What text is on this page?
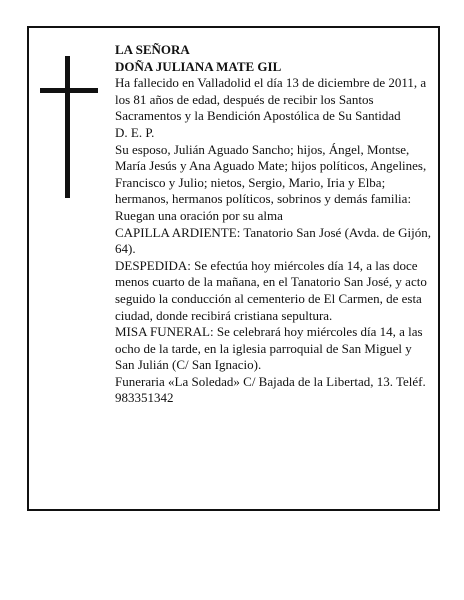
LA SEÑORA

DOÑA JULIANA MATE GIL

Ha fallecido en Valladolid el día 13 de diciembre de 2011, a los 81 años de edad, después de recibir los Santos Sacramentos y la Bendición Apostólica de Su Santidad

D. E. P.

Su esposo, Julián Aguado Sancho; hijos, Ángel, Montse, María Jesús y Ana Aguado Mate; hijos políticos, Angelines, Francisco y Julio; nietos, Sergio, Mario, Iria y Elba; hermanos, hermanos políticos, sobrinos y demás familia:

Ruegan una oración por su alma

CAPILLA ARDIENTE: Tanatorio San José (Avda. de Gijón, 64).

DESPEDIDA: Se efectúa hoy miércoles día 14, a las doce menos cuarto de la mañana, en el Tanatorio San José, y acto seguido la conducción al cementerio de El Carmen, de esta ciudad, donde recibirá cristiana sepultura.

MISA FUNERAL: Se celebrará hoy miércoles día 14, a las ocho de la tarde, en la iglesia parroquial de San Miguel y San Julián (C/ San Ignacio).

Funeraria «La Soledad» C/ Bajada de la Libertad, 13. Teléf. 983351342
